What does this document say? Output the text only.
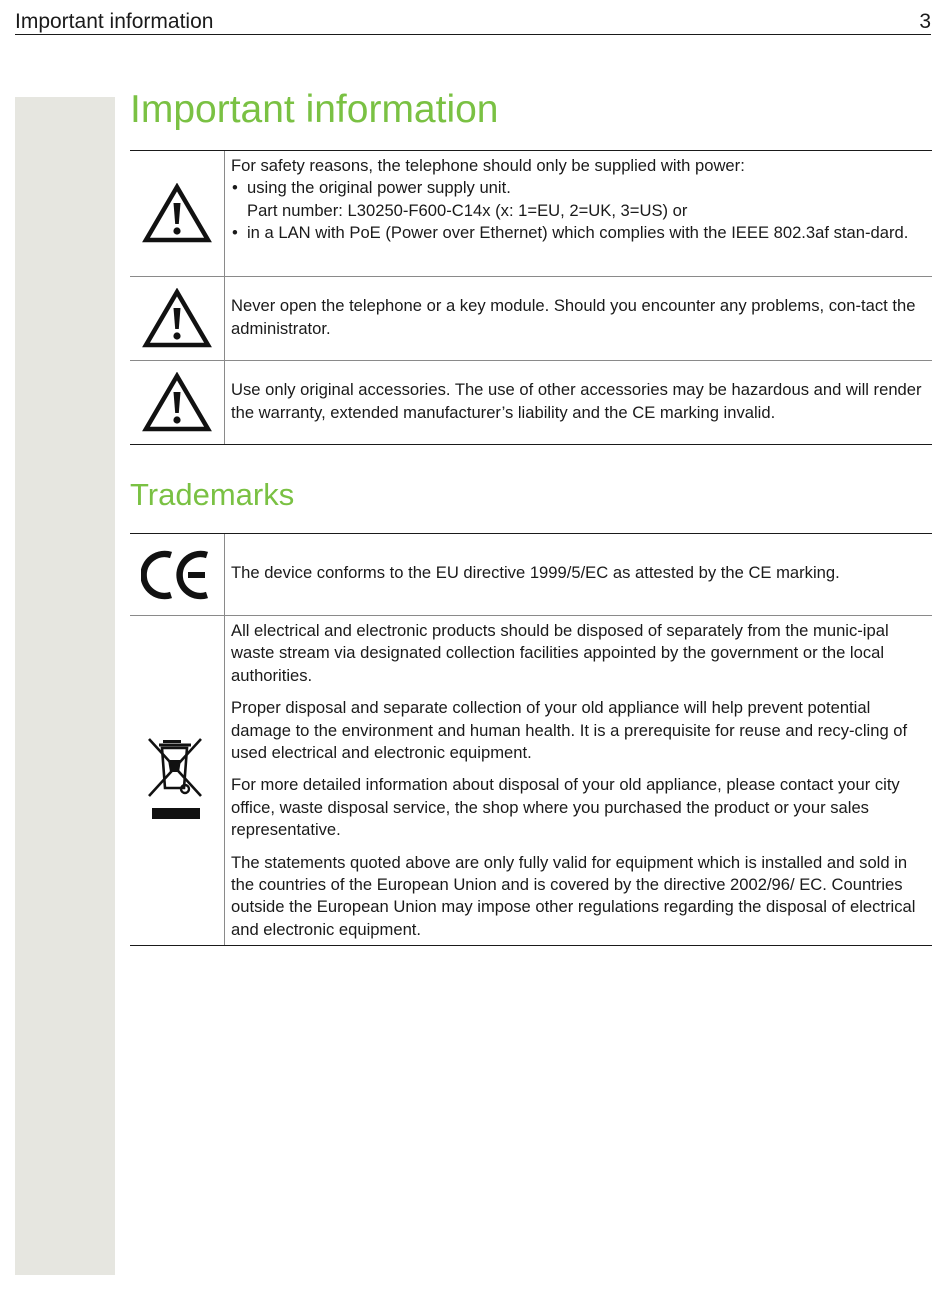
Important information	3
Important information

For safety reasons, the telephone should only be supplied with power:

• using the original power supply unit.

Part number: L30250-F600-C14x (x: 1=EU, 2=UK, 3=US) or

• in a LAN with PoE (Power over Ethernet) which complies with the IEEE 802.3af stan-dard.

Never open the telephone or a key module. Should you encounter any problems, con-tact the administrator.

Use only original accessories. The use of other accessories may be hazardous and will render the warranty, extended manufacturer’s liability and the CE marking invalid.

Trademarks

The device conforms to the EU directive 1999/5/EC as attested by the CE marking.

All electrical and electronic products should be disposed of separately from the munic-ipal waste stream via designated collection facilities appointed by the government or the local authorities.

Proper disposal and separate collection of your old appliance will help prevent potential damage to the environment and human health. It is a prerequisite for reuse and recy-cling of used electrical and electronic equipment.

For more detailed information about disposal of your old appliance, please contact your city office, waste disposal service, the shop where you purchased the product or your sales representative.

The statements quoted above are only fully valid for equipment which is installed and sold in the countries of the European Union and is covered by the directive 2002/96/ EC. Countries outside the European Union may impose other regulations regarding the disposal of electrical and electronic equipment.
